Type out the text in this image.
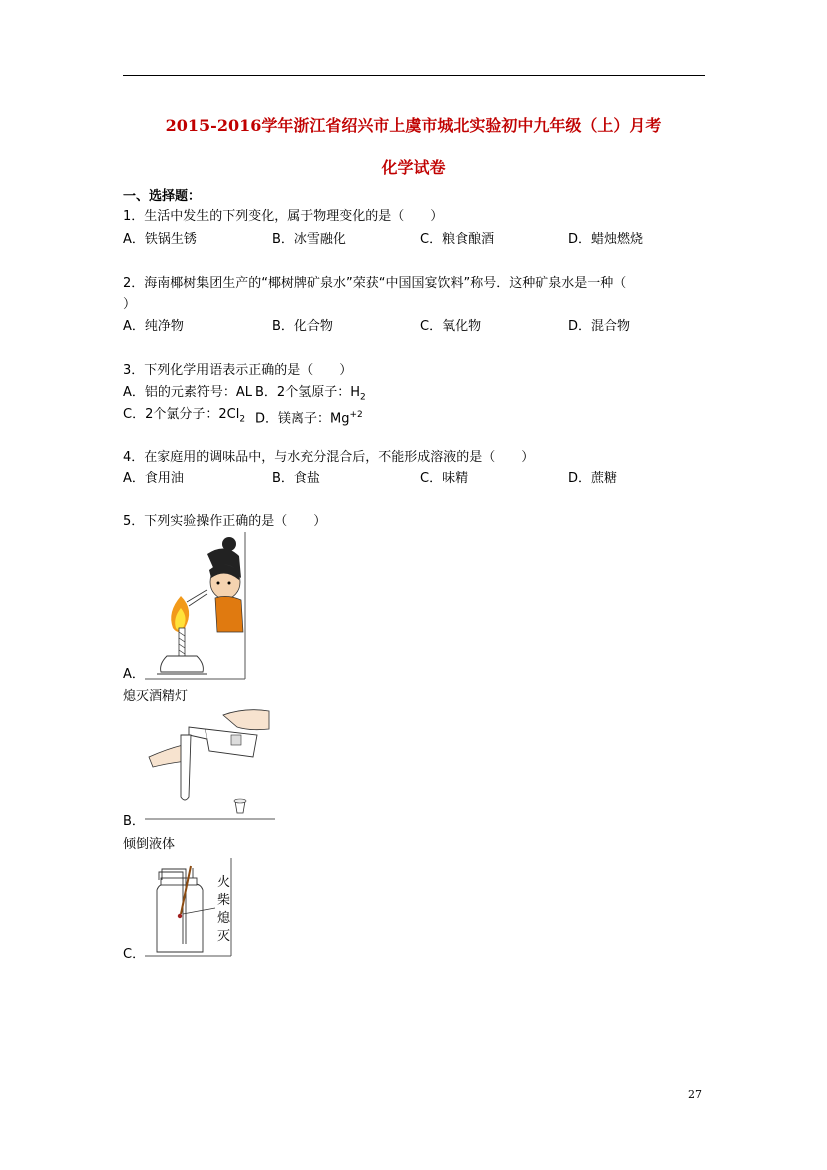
2015-2016学年浙江省绍兴市上虞市城北实验初中九年级（上）月考
化学试卷
一、选择题：
1．生活中发生的下列变化，属于物理变化的是（　　）
A．铁锅生锈	B．冰雪融化	C．粮食酿酒	D．蜡烛燃烧
2．海南椰树集团生产的“椰树牌矿泉水”荣获“中国国宴饮料”称号．这种矿泉水是一种（
）
A．纯净物	B．化合物	C．氧化物	D．混合物
3．下列化学用语表示正确的是（　　）
A．铝的元素符号：AL B．2个氢原子：$H_2$
C．2个氯分子：$2Cl_2$ D．镁离子：$Mg^{+2}$
4．在家庭用的调味品中，与水充分混合后，不能形成溶液的是（　　）
A．食用油	B．食盐	C．味精	D．蔗糖
5．下列实验操作正确的是（　　）
A．
熄灭酒精灯
B．
倾倒液体
火柴熄灭
C．
27
